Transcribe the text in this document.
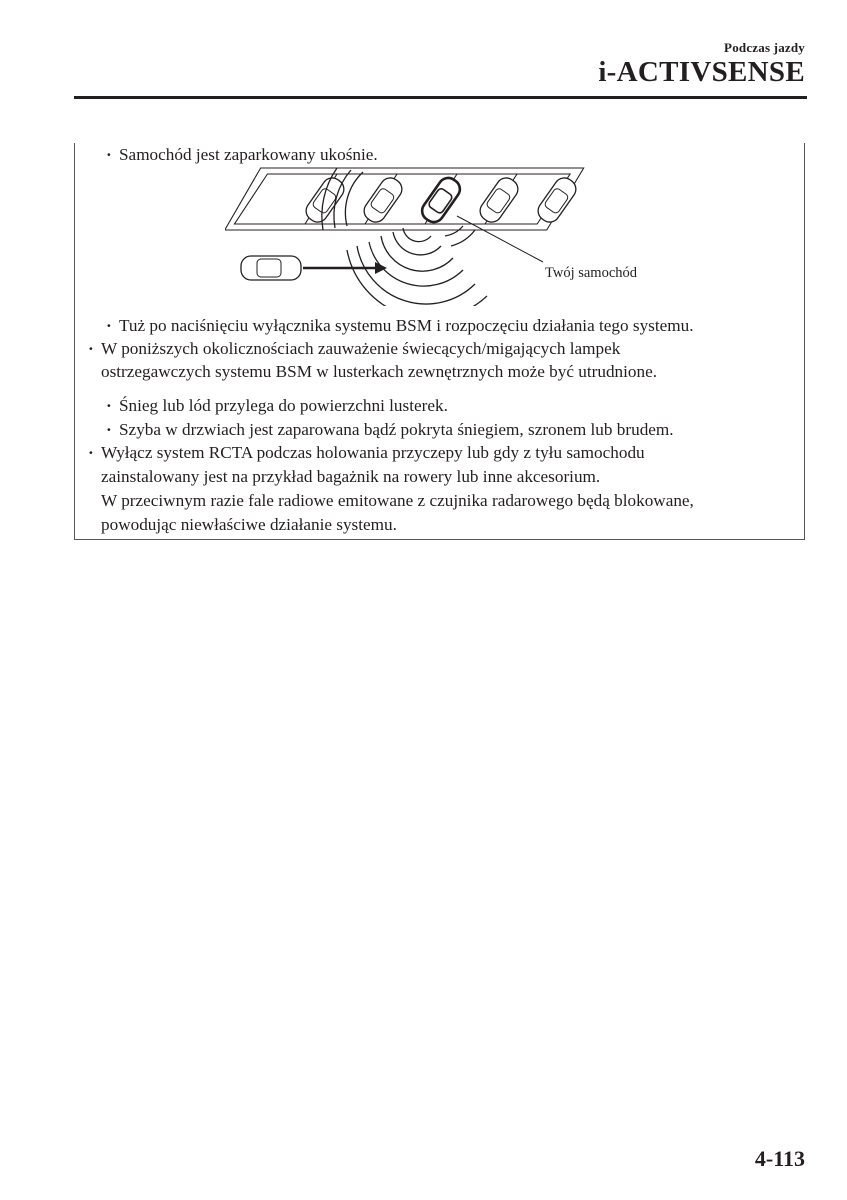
Podczas jazdy
i-ACTIVSENSE
· Samochód jest zaparkowany ukośnie.
Twój samochód
· Tuż po naciśnięciu wyłącznika systemu BSM i rozpoczęciu działania tego systemu.
· W poniższych okolicznościach zauważenie świecących/migających lampek
ostrzegawczych systemu BSM w lusterkach zewnętrznych może być utrudnione.
· Śnieg lub lód przylega do powierzchni lusterek.
· Szyba w drzwiach jest zaparowana bądź pokryta śniegiem, szronem lub brudem.
· Wyłącz system RCTA podczas holowania przyczepy lub gdy z tyłu samochodu
zainstalowany jest na przykład bagażnik na rowery lub inne akcesorium.
W przeciwnym razie fale radiowe emitowane z czujnika radarowego będą blokowane,
powodując niewłaściwe działanie systemu.
4-113
